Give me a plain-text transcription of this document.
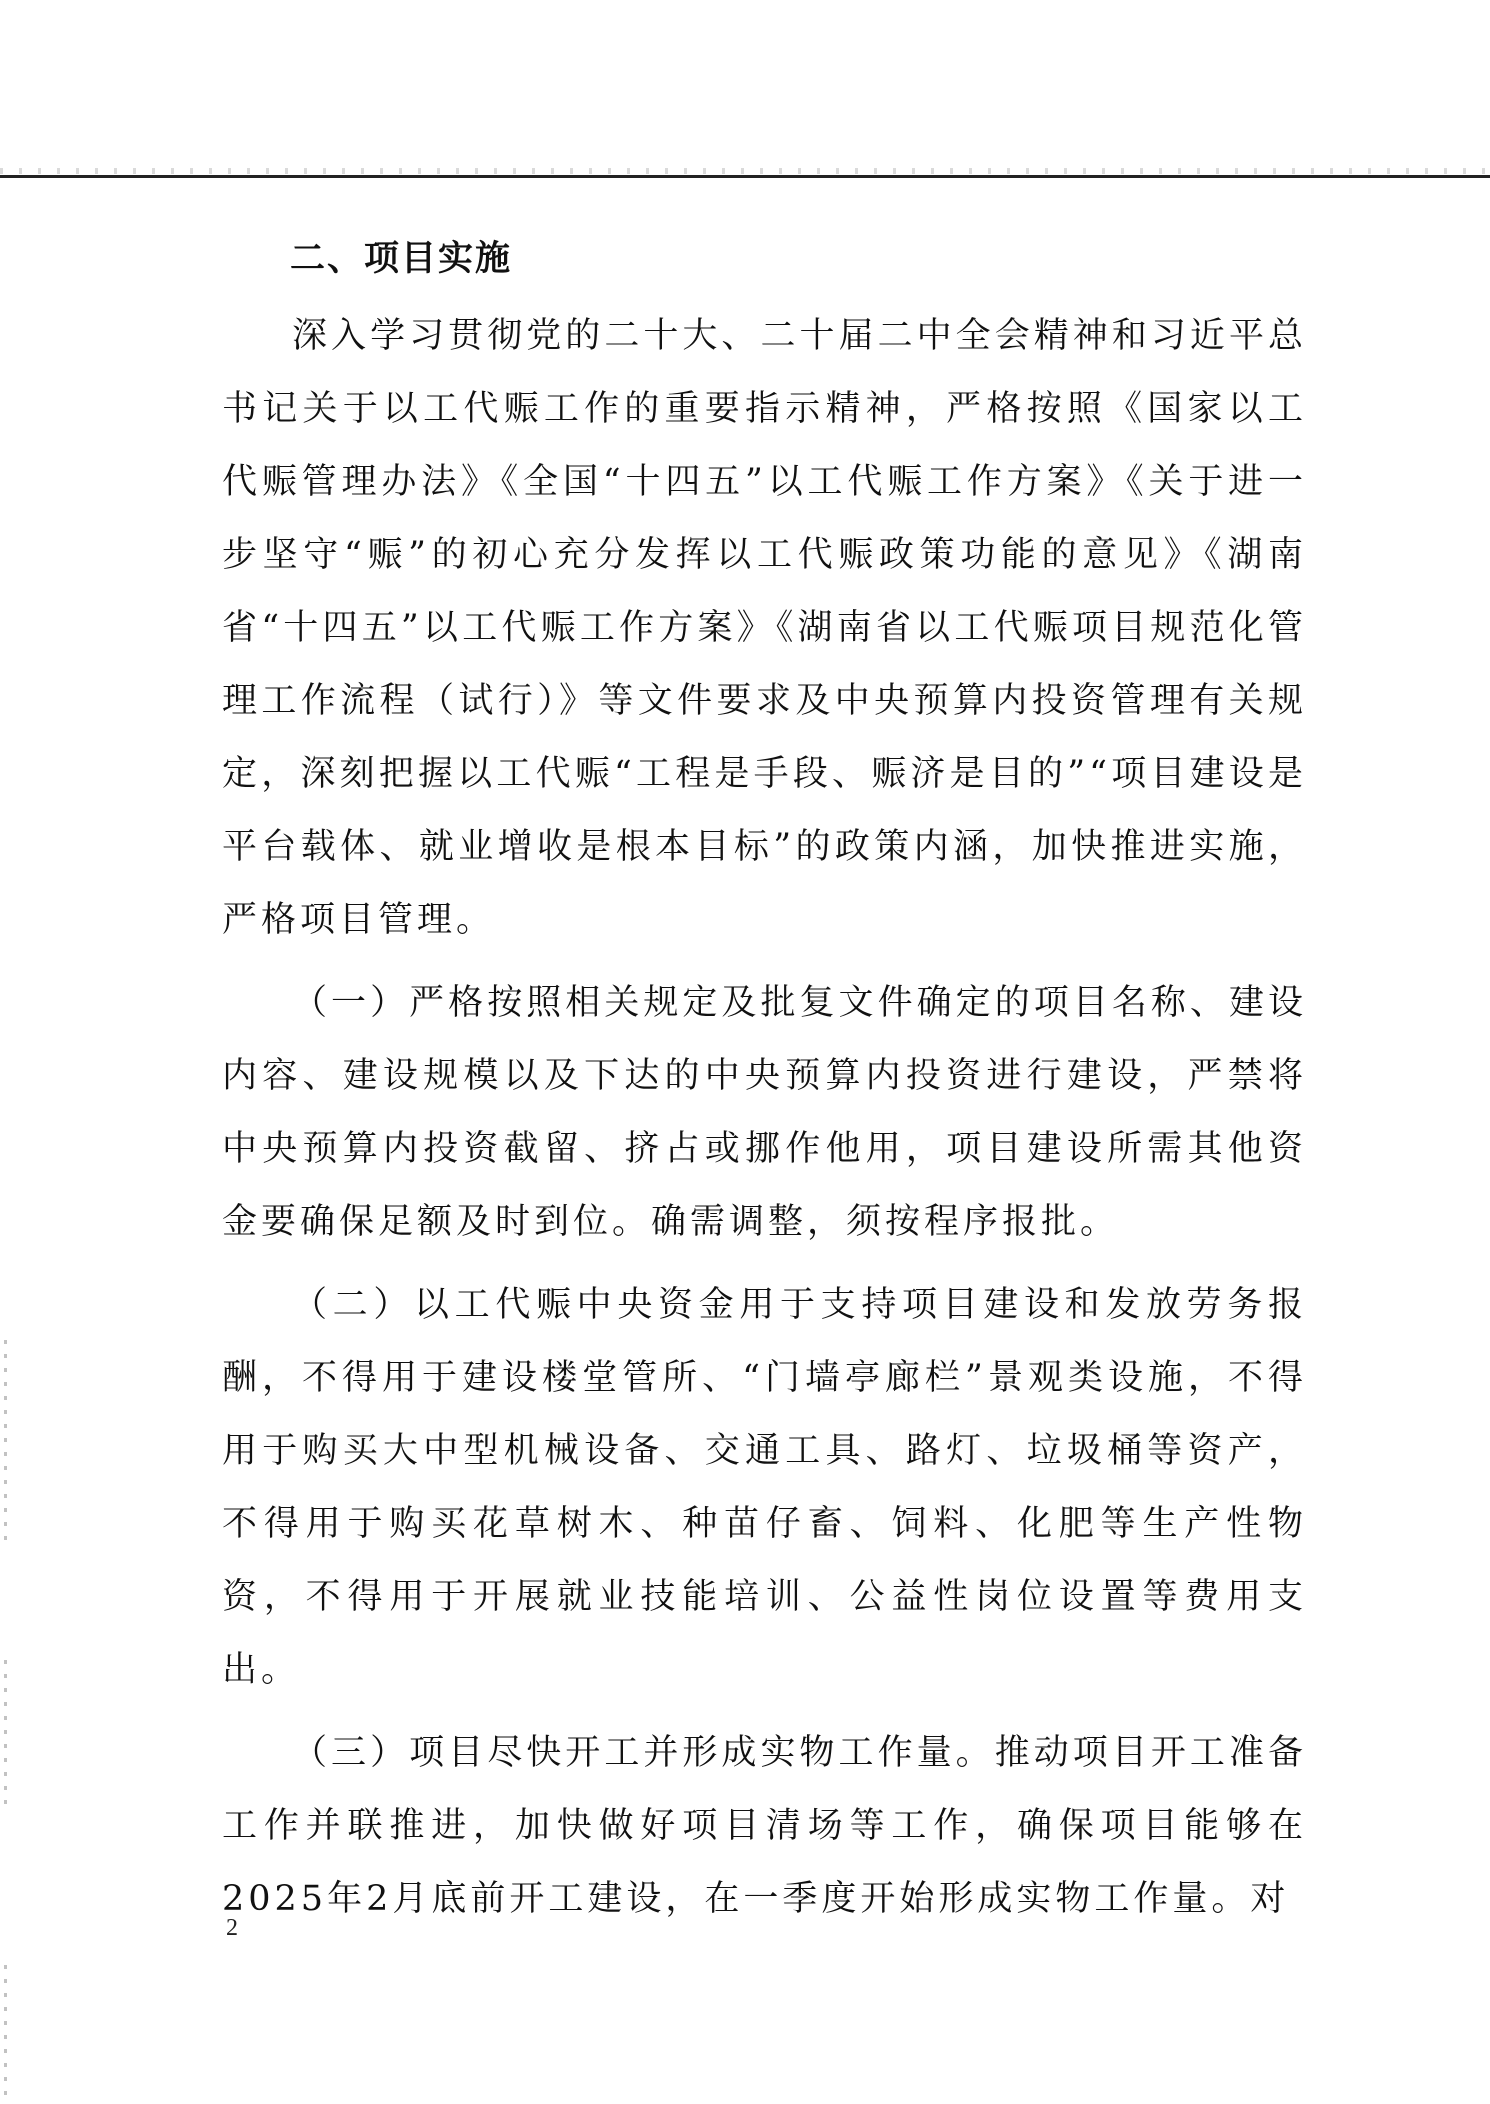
二、项目实施

深入学习贯彻党的二十大、二十届二中全会精神和习近平总书记关于以工代赈工作的重要指示精神，严格按照《国家以工代赈管理办法》《全国“十四五”以工代赈工作方案》《关于进一步坚守“赈”的初心充分发挥以工代赈政策功能的意见》《湖南省“十四五”以工代赈工作方案》《湖南省以工代赈项目规范化管理工作流程（试行）》等文件要求及中央预算内投资管理有关规定，深刻把握以工代赈“工程是手段、赈济是目的”“项目建设是平台载体、就业增收是根本目标”的政策内涵，加快推进实施，严格项目管理。

（一）严格按照相关规定及批复文件确定的项目名称、建设内容、建设规模以及下达的中央预算内投资进行建设，严禁将中央预算内投资截留、挤占或挪作他用，项目建设所需其他资金要确保足额及时到位。确需调整，须按程序报批。

（二）以工代赈中央资金用于支持项目建设和发放劳务报酬，不得用于建设楼堂管所、“门墙亭廊栏”景观类设施，不得用于购买大中型机械设备、交通工具、路灯、垃圾桶等资产，不得用于购买花草树木、种苗仔畜、饲料、化肥等生产性物资，不得用于开展就业技能培训、公益性岗位设置等费用支出。

（三）项目尽快开工并形成实物工作量。推动项目开工准备工作并联推进，加快做好项目清场等工作，确保项目能够在2025年2月底前开工建设，在一季度开始形成实物工作量。对

2
